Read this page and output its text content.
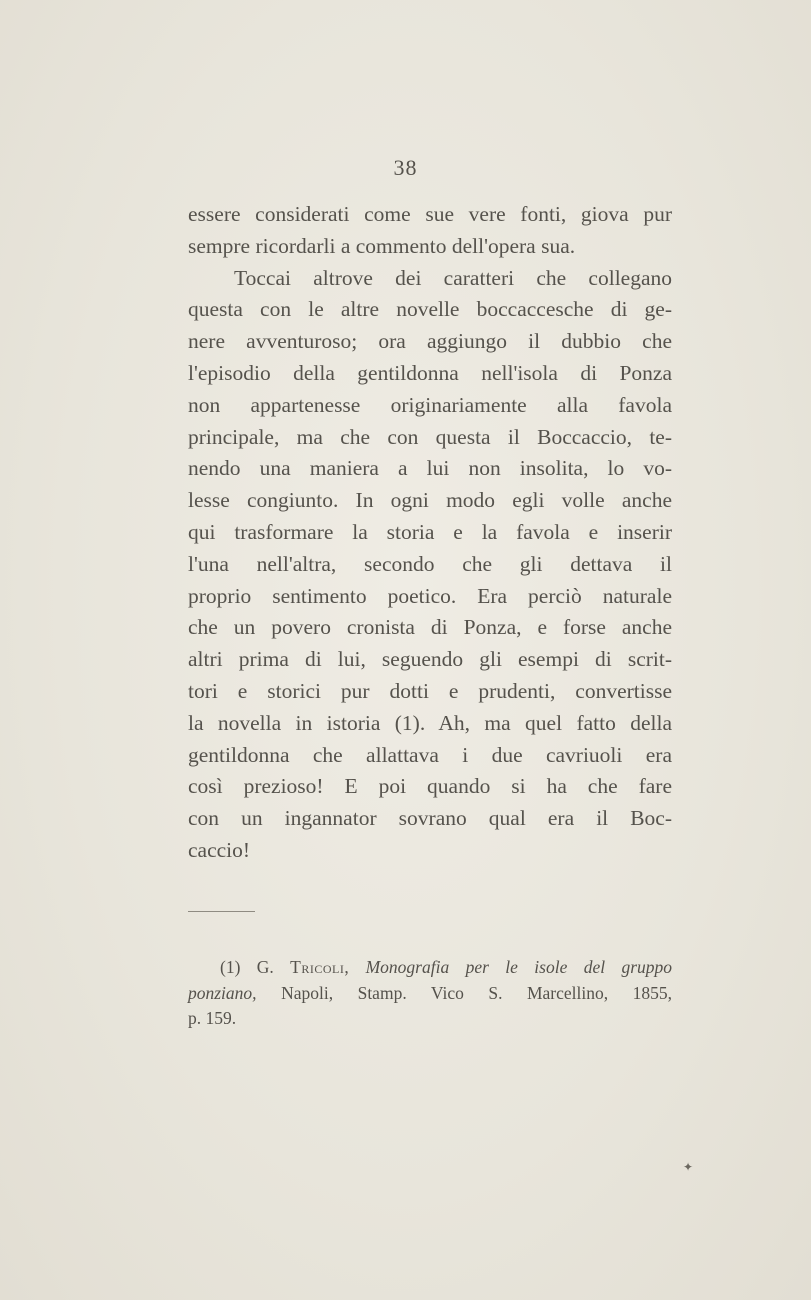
38
essere considerati come sue vere fonti, giova pur
sempre ricordarli a commento dell'opera sua.
Toccai altrove dei caratteri che collegano
questa con le altre novelle boccaccesche di ge-
nere avventuroso; ora aggiungo il dubbio che
l'episodio della gentildonna nell'isola di Ponza
non appartenesse originariamente alla favola
principale, ma che con questa il Boccaccio, te-
nendo una maniera a lui non insolita, lo vo-
lesse congiunto. In ogni modo egli volle anche
qui trasformare la storia e la favola e inserir
l'una nell'altra, secondo che gli dettava il
proprio sentimento poetico. Era perciò naturale
che un povero cronista di Ponza, e forse anche
altri prima di lui, seguendo gli esempi di scrit-
tori e storici pur dotti e prudenti, convertisse
la novella in istoria (1). Ah, ma quel fatto della
gentildonna che allattava i due cavriuoli era
così prezioso! E poi quando si ha che fare
con un ingannator sovrano qual era il Boc-
caccio!
(1) G. Tricoli, Monografia per le isole del gruppo
ponziano, Napoli, Stamp. Vico S. Marcellino, 1855,
p. 159.
✦
